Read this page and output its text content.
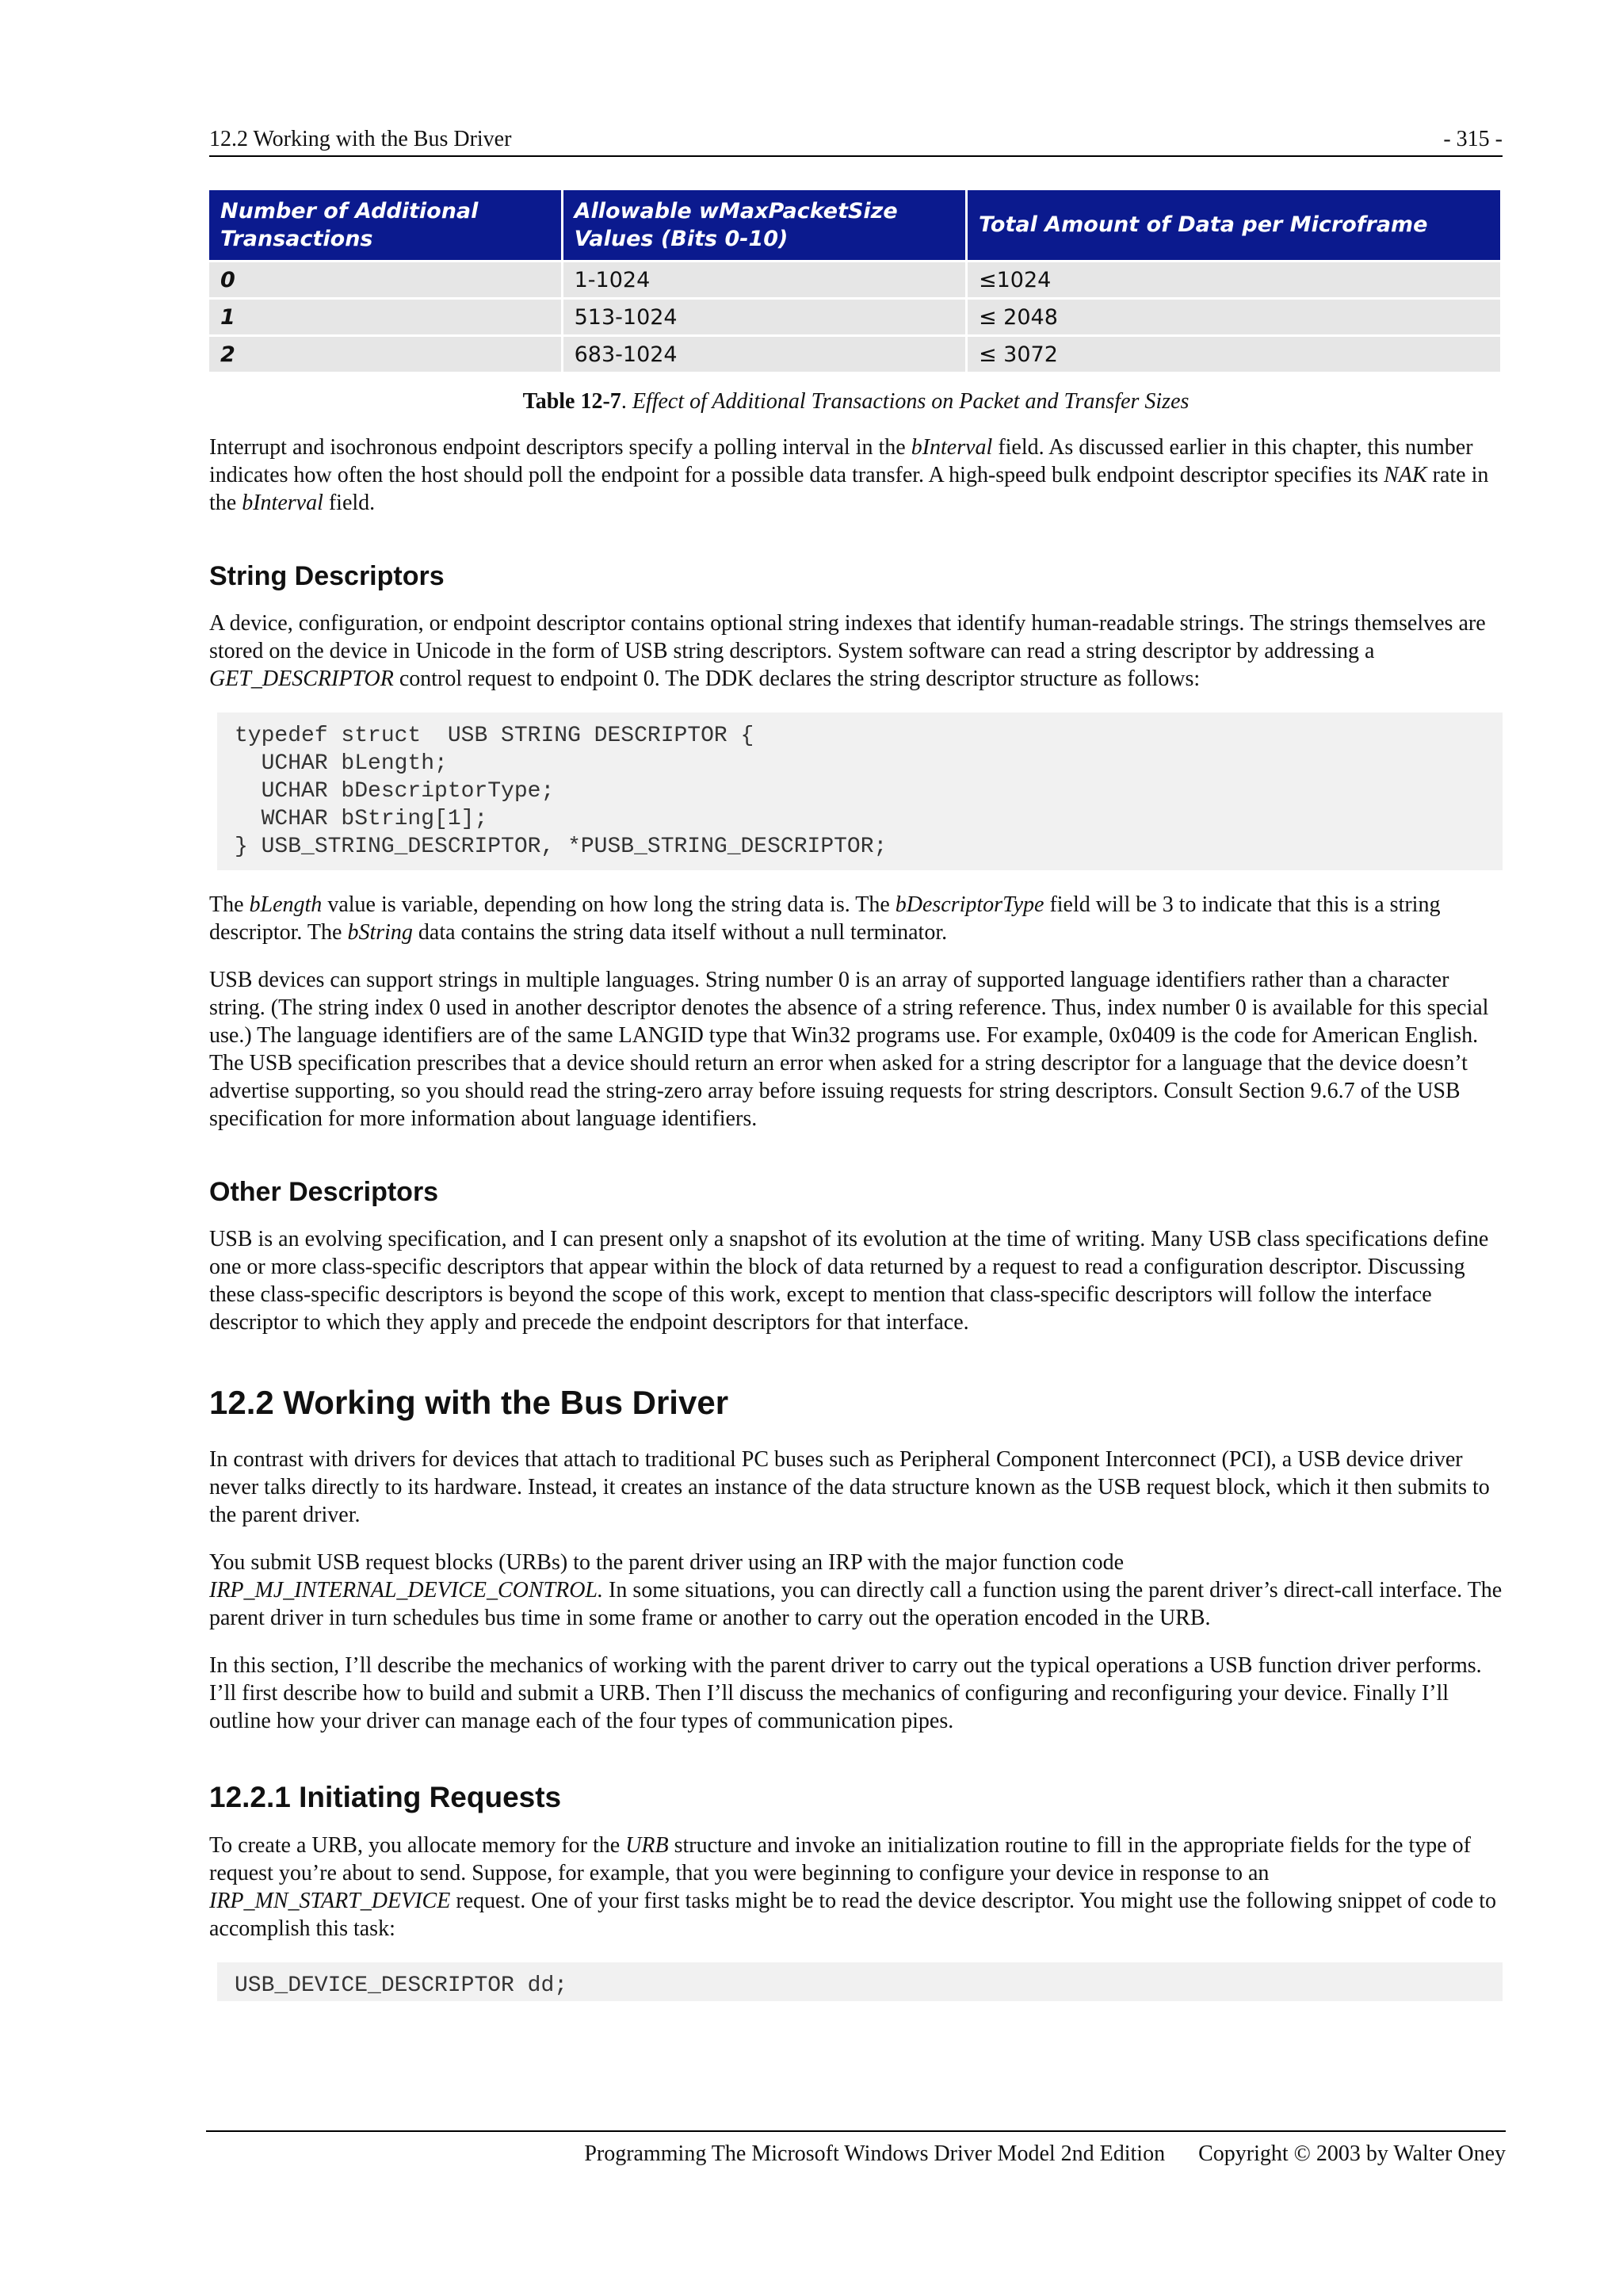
12.2 Working with the Bus Driver	- 315 -
Number of Additional Transactions	Allowable wMaxPacketSize Values (Bits 0-10)	Total Amount of Data per Microframe
0	1-1024	≤1024
1	513-1024	≤ 2048
2	683-1024	≤ 3072
Table 12-7. Effect of Additional Transactions on Packet and Transfer Sizes

Interrupt and isochronous endpoint descriptors specify a polling interval in the bInterval field. As discussed earlier in this chapter, this number indicates how often the host should poll the endpoint for a possible data transfer. A high-speed bulk endpoint descriptor specifies its NAK rate in the bInterval field.

String Descriptors

A device, configuration, or endpoint descriptor contains optional string indexes that identify human-readable strings. The strings themselves are stored on the device in Unicode in the form of USB string descriptors. System software can read a string descriptor by addressing a GET_DESCRIPTOR control request to endpoint 0. The DDK declares the string descriptor structure as follows:

typedef struct  USB STRING DESCRIPTOR {
UCHAR bLength;
UCHAR bDescriptorType;
WCHAR bString[1];
} USB_STRING_DESCRIPTOR, *PUSB_STRING_DESCRIPTOR;

The bLength value is variable, depending on how long the string data is. The bDescriptorType field will be 3 to indicate that this is a string descriptor. The bString data contains the string data itself without a null terminator.

USB devices can support strings in multiple languages. String number 0 is an array of supported language identifiers rather than a character string. (The string index 0 used in another descriptor denotes the absence of a string reference. Thus, index number 0 is available for this special use.) The language identifiers are of the same LANGID type that Win32 programs use. For example, 0x0409 is the code for American English. The USB specification prescribes that a device should return an error when asked for a string descriptor for a language that the device doesn’t advertise supporting, so you should read the string-zero array before issuing requests for string descriptors. Consult Section 9.6.7 of the USB specification for more information about language identifiers.

Other Descriptors

USB is an evolving specification, and I can present only a snapshot of its evolution at the time of writing. Many USB class specifications define one or more class-specific descriptors that appear within the block of data returned by a request to read a configuration descriptor. Discussing these class-specific descriptors is beyond the scope of this work, except to mention that class-specific descriptors will follow the interface descriptor to which they apply and precede the endpoint descriptors for that interface.

12.2 Working with the Bus Driver

In contrast with drivers for devices that attach to traditional PC buses such as Peripheral Component Interconnect (PCI), a USB device driver never talks directly to its hardware. Instead, it creates an instance of the data structure known as the USB request block, which it then submits to the parent driver.

You submit USB request blocks (URBs) to the parent driver using an IRP with the major function code IRP_MJ_INTERNAL_DEVICE_CONTROL. In some situations, you can directly call a function using the parent driver’s direct-call interface. The parent driver in turn schedules bus time in some frame or another to carry out the operation encoded in the URB.

In this section, I’ll describe the mechanics of working with the parent driver to carry out the typical operations a USB function driver performs. I’ll first describe how to build and submit a URB. Then I’ll discuss the mechanics of configuring and reconfiguring your device. Finally I’ll outline how your driver can manage each of the four types of communication pipes.

12.2.1 Initiating Requests

To create a URB, you allocate memory for the URB structure and invoke an initialization routine to fill in the appropriate fields for the type of request you’re about to send. Suppose, for example, that you were beginning to configure your device in response to an IRP_MN_START_DEVICE request. One of your first tasks might be to read the device descriptor. You might use the following snippet of code to accomplish this task:

USB_DEVICE_DESCRIPTOR dd;
Programming The Microsoft Windows Driver Model 2nd Edition Copyright © 2003 by Walter Oney
